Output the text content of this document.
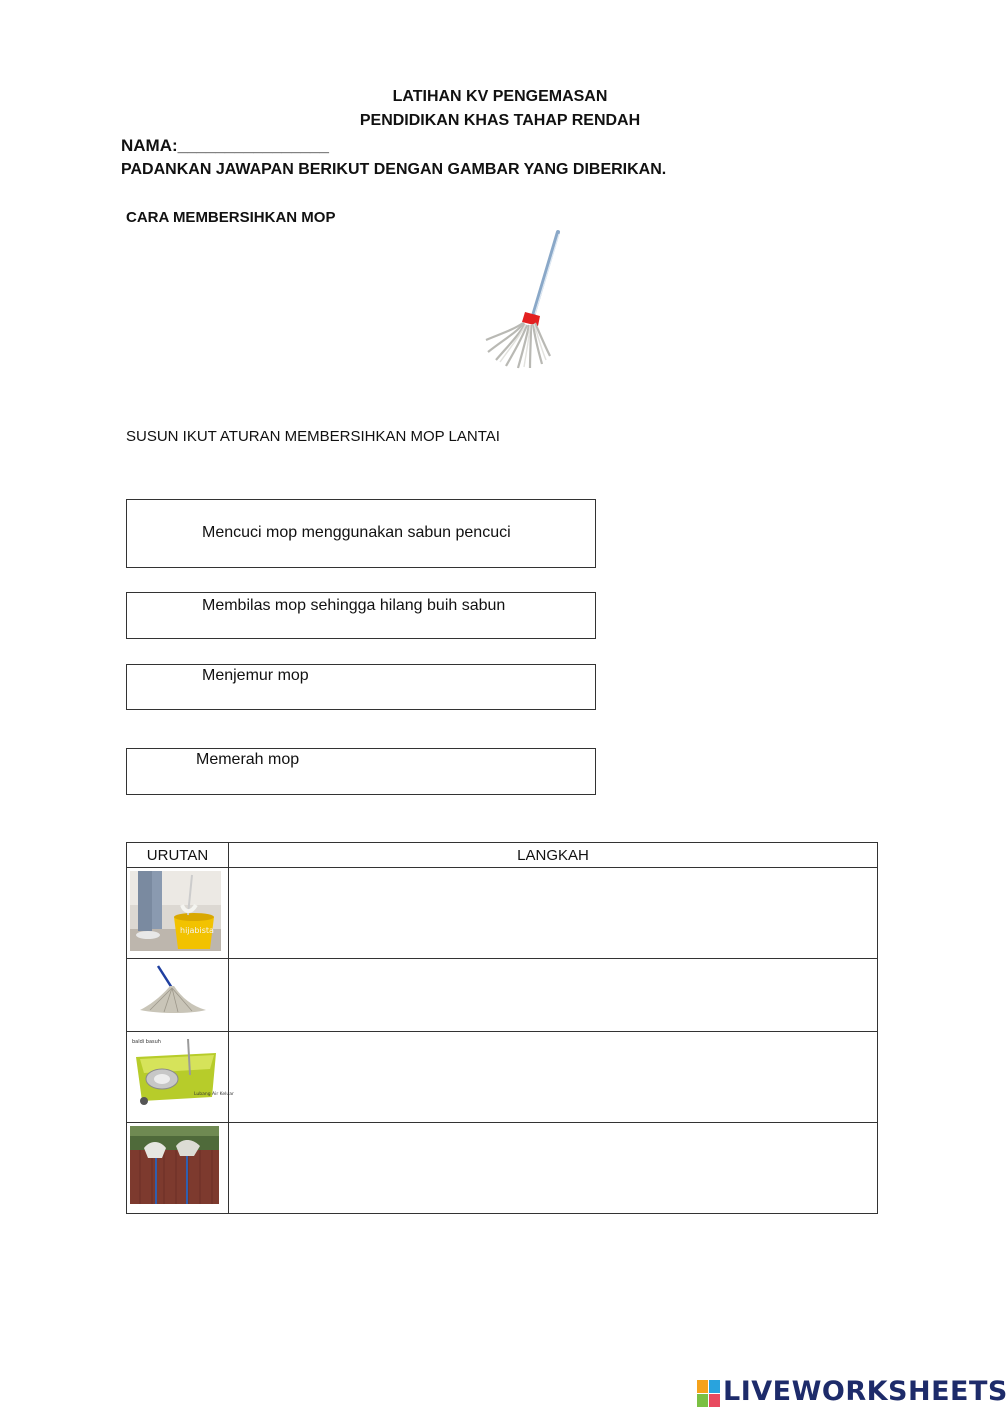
LATIHAN KV PENGEMASAN
PENDIDIKAN KHAS TAHAP RENDAH
NAMA:________________
PADANKAN JAWAPAN BERIKUT DENGAN GAMBAR YANG DIBERIKAN.
CARA MEMBERSIHKAN MOP
SUSUN IKUT ATURAN MEMBERSIHKAN MOP LANTAI
Mencuci mop menggunakan sabun pencuci
Membilas mop sehingga hilang buih sabun
Menjemur mop
Memerah mop
URUTAN	LANGKAH

hijabista	

baldi basuh
Lubang Air Keluar	

LIVEWORKSHEETS
